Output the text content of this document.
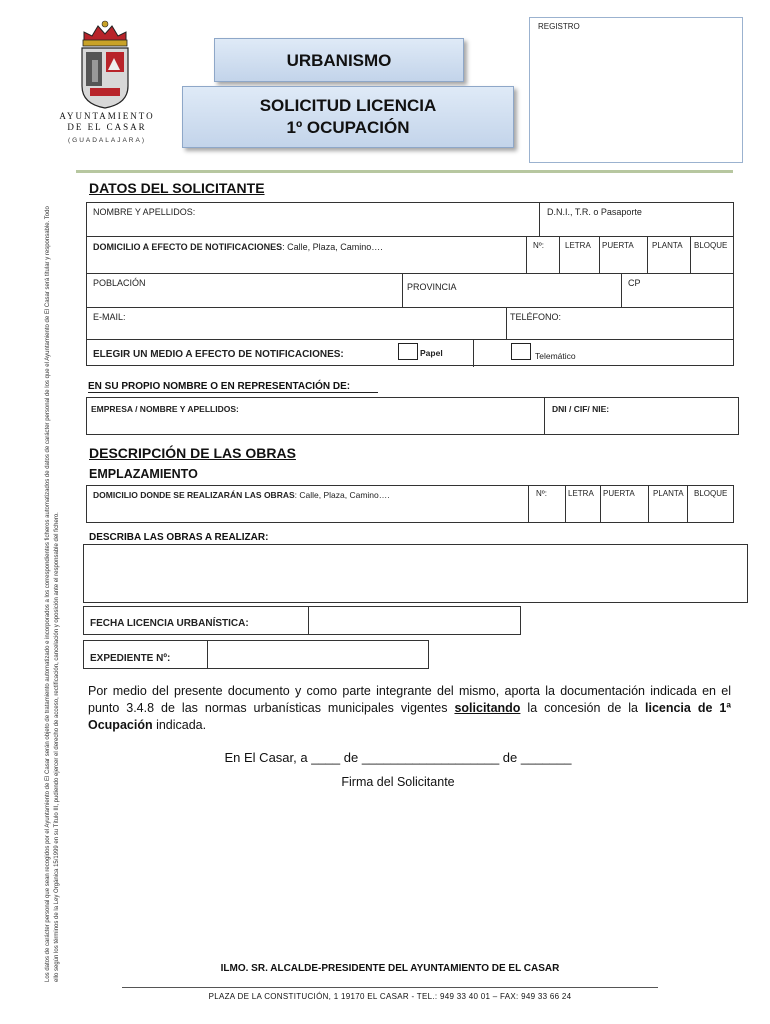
AYUNTAMIENTO
DE EL CASAR
(GUADALAJARA)
URBANISMO
SOLICITUD LICENCIA
1º OCUPACIÓN
REGISTRO
Los datos de carácter personal que sean recogidos por el Ayuntamiento de El Casar serán objeto de tratamiento automatizado e incorporados a los correspondientes ficheros automatizados de datos de carácter personal de los que el Ayuntamiento de El Casar será titular y responsable. Todo ello según los términos de la Ley Orgánica 15/1999 en su Título III, pudiendo ejercer el derecho de acceso, rectificación, cancelación y oposición ante el responsable del fichero.
DATOS DEL SOLICITANTE
NOMBRE Y APELLIDOS:	D.N.I., T.R. o Pasaporte
DOMICILIO A EFECTO DE NOTIFICACIONES: Calle, Plaza, Camino….	Nº:	LETRA PUERTA PLANTA BLOQUE
POBLACIÓN	PROVINCIA	CP
E-MAIL:	TELÉFONO:
ELEGIR UN MEDIO A EFECTO DE NOTIFICACIONES:	Papel	Telemático
EN SU PROPIO NOMBRE O EN REPRESENTACIÓN DE:
EMPRESA / NOMBRE Y APELLIDOS:	DNI / CIF/ NIE:
DESCRIPCIÓN DE LAS OBRAS
EMPLAZAMIENTO
DOMICILIO DONDE SE REALIZARÁN LAS OBRAS: Calle, Plaza, Camino….	Nº:	LETRA PUERTA PLANTA BLOQUE
DESCRIBA LAS OBRAS A REALIZAR:
FECHA LICENCIA URBANÍSTICA:
EXPEDIENTE Nº:
Por medio del presente documento y como parte integrante del mismo, aporta la documentación indicada en el punto 3.4.8 de las normas urbanísticas municipales vigentes solicitando la concesión de la licencia de 1ª Ocupación indicada.
En El Casar, a ____ de ___________________ de _______
Firma del Solicitante
ILMO. SR. ALCALDE-PRESIDENTE DEL AYUNTAMIENTO DE EL CASAR
PLAZA DE LA CONSTITUCIÓN, 1 19170 EL CASAR - TEL.: 949 33 40 01 – FAX: 949 33 66 24
